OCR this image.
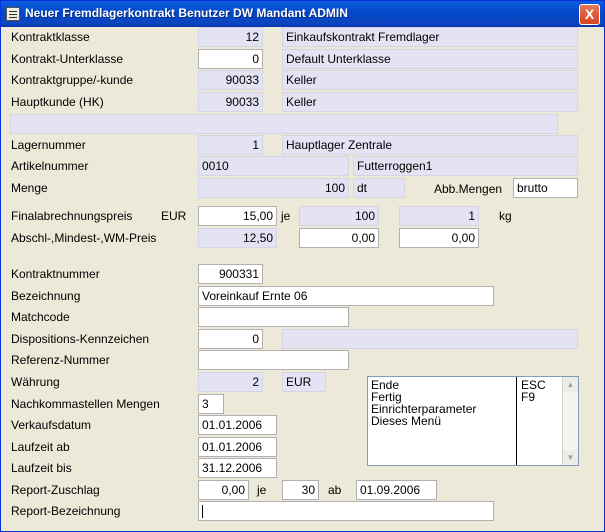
Neuer Fremdlagerkontrakt Benutzer DW Mandant ADMIN	X
Kontraktklasse	12	Einkaufskontrakt Fremdlager
Kontrakt-Unterklasse	0	Default Unterklasse
Kontraktgruppe/-kunde	90033	Keller
Hauptkunde (HK)	90033	Keller
Lagernummer	1	Hauptlager Zentrale
Artikelnummer	0010	Futterroggen1
Menge	100	dt	Abb.Mengen	brutto
Finalabrechnungspreis EUR	15,00 je	100	1	kg
Abschl-,Mindest-,WM-Preis	12,50	0,00	0,00
Kontraktnummer	900331
Bezeichnung	Voreinkauf Ernte 06
Matchcode
Dispositions-Kennzeichen	0
Referenz-Nummer
Währung	2	EUR
Nachkommastellen Mengen	3
Verkaufsdatum	01.01.2006
Laufzeit ab	01.01.2006
Laufzeit bis	31.12.2006
Report-Zuschlag	0,00	je	30	ab	01.09.2006
Report-Bezeichnung
Ende
Fertig
Einrichterparameter
Dieses Menü
ESC
F9
▲
▼
